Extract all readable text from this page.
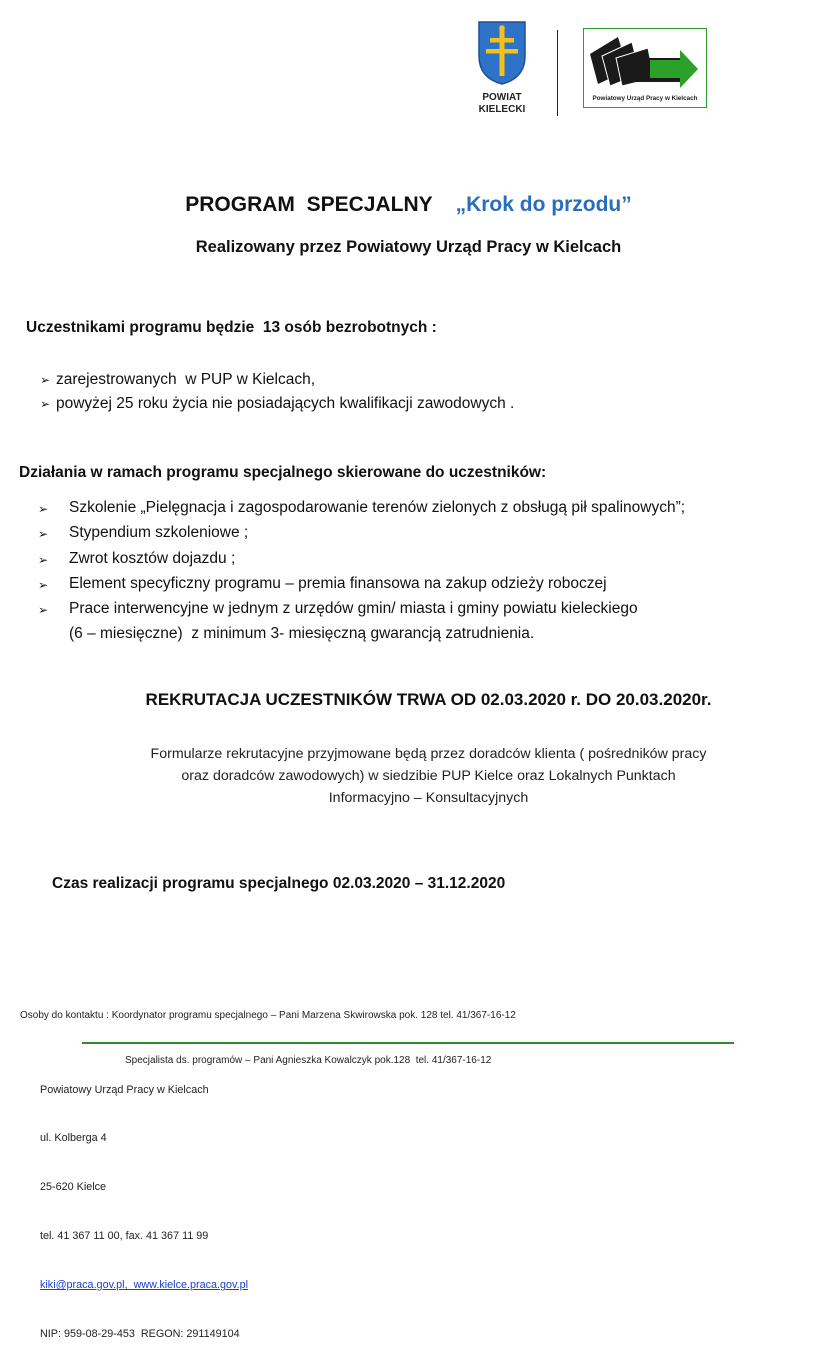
POWIAT
KIELECKI
Powiatowy Urząd Pracy w Kielcach
PROGRAM  SPECJALNY „Krok do przodu”
Realizowany przez Powiatowy Urząd Pracy w Kielcach
Uczestnikami programu będzie  13 osób bezrobotnych :
➢ zarejestrowanych  w PUP w Kielcach,
➢ powyżej 25 roku życia nie posiadających kwalifikacji zawodowych .
Działania w ramach programu specjalnego skierowane do uczestników:
➢	Szkolenie „Pielęgnacja i zagospodarowanie terenów zielonych z obsługą pił spalinowych”;
➢	Stypendium szkoleniowe ;
➢	Zwrot kosztów dojazdu ;
➢	Element specyficzny programu – premia finansowa na zakup odzieży roboczej
➢	Prace interwencyjne w jednym z urzędów gmin/ miasta i gminy powiatu kieleckiego
(6 – miesięczne)  z minimum 3- miesięczną gwarancją zatrudnienia.
REKRUTACJA UCZESTNIKÓW TRWA OD 02.03.2020 r. DO 20.03.2020r.
Formularze rekrutacyjne przyjmowane będą przez doradców klienta ( pośredników pracy
oraz doradców zawodowych) w siedzibie PUP Kielce oraz Lokalnych Punktach
Informacyjno – Konsultacyjnych
Czas realizacji programu specjalnego 02.03.2020 – 31.12.2020

Osoby do kontaktu : Koordynator programu specjalnego – Pani Marzena Skwirowska pok. 128 tel. 41/367-16-12

Specjalista ds. programów – Pani Agnieszka Kowalczyk pok.128  tel. 41/367-16-12

Powiatowy Urząd Pracy w Kielcach

ul. Kolberga 4

25-620 Kielce

tel. 41 367 11 00, fax. 41 367 11 99

kiki@praca.gov.pl,  www.kielce.praca.gov.pl

NIP: 959-08-29-453  REGON: 291149104
